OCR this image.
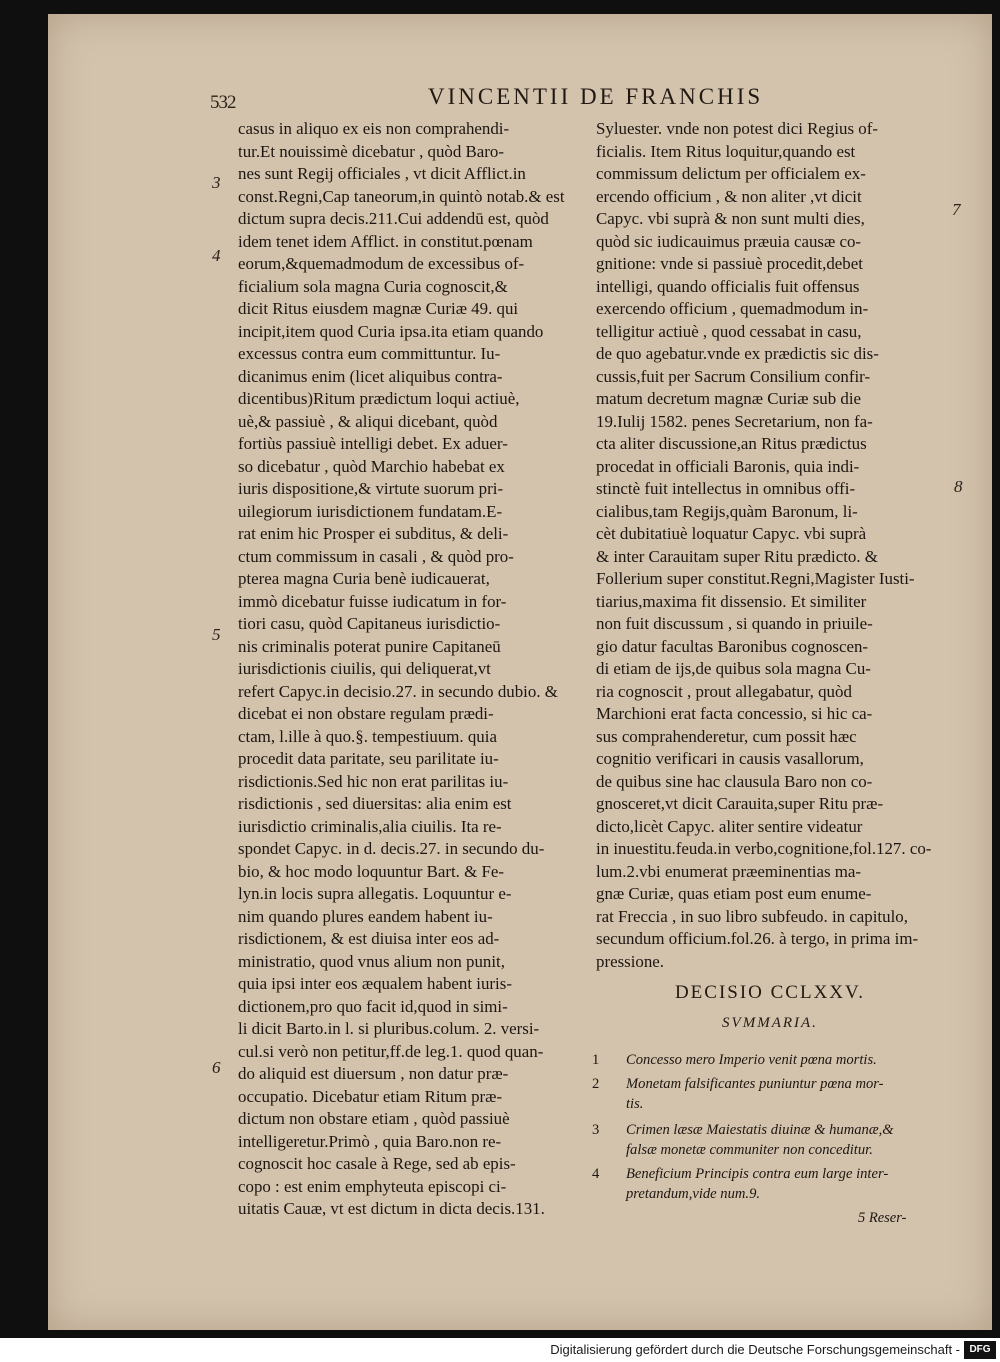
532	VINCENTII DE FRANCHIS
casus in aliquo ex eis non comprahendi-
tur.Et nouissimè dicebatur , quòd Baro-
nes sunt Regij officiales , vt dicit Afflict.in
const.Regni,Cap taneorum,in quintò notab.& est
dictum supra decis.211.Cui addendū est, quòd
idem tenet idem Afflict. in constitut.pœnam
eorum,&quemadmodum de excessibus of-
ficialium sola magna Curia cognoscit,&
dicit Ritus eiusdem magnæ Curiæ 49. qui
incipit,item quod Curia ipsa.ita etiam quando
excessus contra eum committuntur. Iu-
dicanimus enim (licet aliquibus contra-
dicentibus)Ritum prædictum loqui actiuè,
uè,& passiuè , & aliqui dicebant, quòd
fortiùs passiuè intelligi debet. Ex aduer-
so dicebatur , quòd Marchio habebat ex
iuris dispositione,& virtute suorum pri-
uilegiorum iurisdictionem fundatam.E-
rat enim hic Prosper ei subditus, & deli-
ctum commissum in casali , & quòd pro-
pterea magna Curia benè iudicauerat,
immò dicebatur fuisse iudicatum in for-
tiori casu, quòd Capitaneus iurisdictio-
nis criminalis poterat punire Capitaneū
iurisdictionis ciuilis, qui deliquerat,vt
refert Capyc.in decisio.27. in secundo dubio. &
dicebat ei non obstare regulam prædi-
ctam, l.ille à quo.§. tempestiuum. quia
procedit data paritate, seu parilitate iu-
risdictionis.Sed hic non erat parilitas iu-
risdictionis , sed diuersitas: alia enim est
iurisdictio criminalis,alia ciuilis. Ita re-
spondet Capyc. in d. decis.27. in secundo du-
bio, & hoc modo loquuntur Bart. & Fe-
lyn.in locis supra allegatis. Loquuntur e-
nim quando plures eandem habent iu-
risdictionem, & est diuisa inter eos ad-
ministratio, quod vnus alium non punit,
quia ipsi inter eos æqualem habent iuris-
dictionem,pro quo facit id,quod in simi-
li dicit Barto.in l. si pluribus.colum. 2. versi-
cul.si verò non petitur,ff.de leg.1. quod quan-
do aliquid est diuersum , non datur præ-
occupatio. Dicebatur etiam Ritum præ-
dictum non obstare etiam , quòd passiuè
intelligeretur.Primò , quia Baro.non re-
cognoscit hoc casale à Rege, sed ab epis-
copo : est enim emphyteuta episcopi ci-
uitatis Cauæ, vt est dictum in dicta decis.131.
Syluester. vnde non potest dici Regius of-
ficialis. Item Ritus loquitur,quando est
commissum delictum per officialem ex-
ercendo officium , & non aliter ,vt dicit
Capyc. vbi suprà & non sunt multi dies,
quòd sic iudicauimus præuia causæ co-
gnitione: vnde si passiuè procedit,debet
intelligi, quando officialis fuit offensus
exercendo officium , quemadmodum in-
telligitur actiuè , quod cessabat in casu,
de quo agebatur.vnde ex prædictis sic dis-
cussis,fuit per Sacrum Consilium confir-
matum decretum magnæ Curiæ sub die
19.Iulij 1582. penes Secretarium, non fa-
cta aliter discussione,an Ritus prædictus
procedat in officiali Baronis, quia indi-
stinctè fuit intellectus in omnibus offi-
cialibus,tam Regijs,quàm Baronum, li-
cèt dubitatiuè loquatur Capyc. vbi suprà
& inter Carauitam super Ritu prædicto. &
Follerium super constitut.Regni,Magister Iusti-
tiarius,maxima fit dissensio. Et similiter
non fuit discussum , si quando in priuile-
gio datur facultas Baronibus cognoscen-
di etiam de ijs,de quibus sola magna Cu-
ria cognoscit , prout allegabatur, quòd
Marchioni erat facta concessio, si hic ca-
sus comprahenderetur, cum possit hæc
cognitio verificari in causis vasallorum,
de quibus sine hac clausula Baro non co-
gnosceret,vt dicit Carauita,super Ritu præ-
dicto,licèt Capyc. aliter sentire videatur
in inuestitu.feuda.in verbo,cognitione,fol.127. co-
lum.2.vbi enumerat præeminentias ma-
gnæ Curiæ, quas etiam post eum enume-
rat Freccia , in suo libro subfeudo. in capitulo,
secundum officium.fol.26. à tergo, in prima im-
pressione.
3
4
5
6
7
8
DECISIO CCLXXV.
SVMMARIA.

1

Concesso mero Imperio venit pœna mortis.

2

Monetam falsificantes puniuntur pœna mor-
tis.

3

Crimen læsæ Maiestatis diuinæ & humanæ,&
falsæ monetæ communiter non conceditur.

4

Beneficium Principis contra eum large inter-
pretandum,vide num.9.

5 Reser-
Digitalisierung gefördert durch die Deutsche Forschungsgemeinschaft - DFG
